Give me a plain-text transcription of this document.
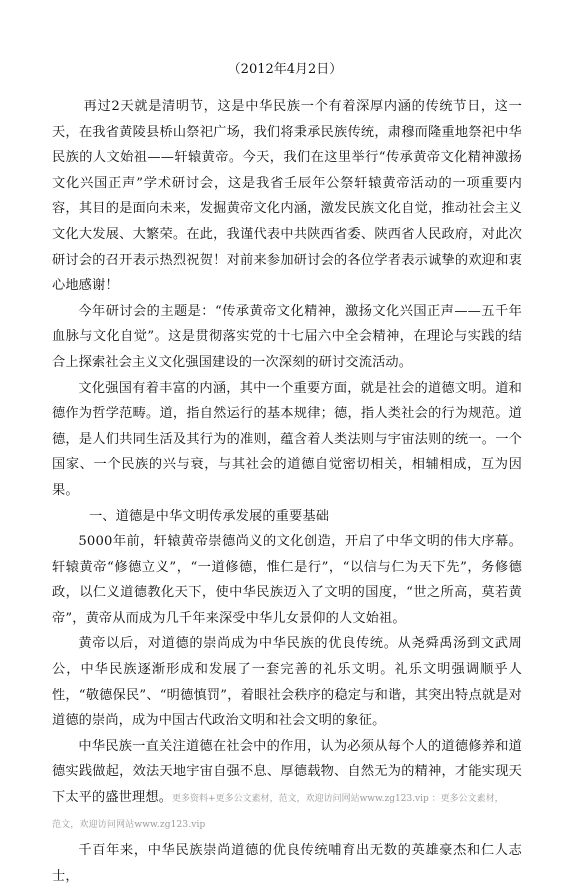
（2012年4月2日）

再过2天就是清明节，这是中华民族一个有着深厚内涵的传统节日，这一天，在我省黄陵县桥山祭祀广场，我们将秉承民族传统，肃穆而隆重地祭祀中华民族的人文始祖——轩辕黄帝。今天，我们在这里举行“传承黄帝文化精神激扬文化兴国正声”学术研讨会，这是我省壬辰年公祭轩辕黄帝活动的一项重要内容，其目的是面向未来，发掘黄帝文化内涵，激发民族文化自觉，推动社会主义文化大发展、大繁荣。在此，我谨代表中共陕西省委、陕西省人民政府，对此次研讨会的召开表示热烈祝贺！对前来参加研讨会的各位学者表示诚挚的欢迎和衷心地感谢！

今年研讨会的主题是：“传承黄帝文化精神，激扬文化兴国正声——五千年血脉与文化自觉”。这是贯彻落实党的十七届六中全会精神，在理论与实践的结合上探索社会主义文化强国建设的一次深刻的研讨交流活动。

文化强国有着丰富的内涵，其中一个重要方面，就是社会的道德文明。道和德作为哲学范畴。道，指自然运行的基本规律；德，指人类社会的行为规范。道德，是人们共同生活及其行为的准则，蕴含着人类法则与宇宙法则的统一。一个国家、一个民族的兴与衰，与其社会的道德自觉密切相关，相辅相成，互为因果。

一、道德是中华文明传承发展的重要基础

5000年前，轩辕黄帝崇德尚义的文化创造，开启了中华文明的伟大序幕。轩辕黄帝“修德立义”，“一道修德，惟仁是行”，“以信与仁为天下先”，务修德政，以仁义道德教化天下，使中华民族迈入了文明的国度，“世之所高，莫若黄帝”，黄帝从而成为几千年来深受中华儿女景仰的人文始祖。

黄帝以后，对道德的崇尚成为中华民族的优良传统。从尧舜禹汤到文武周公，中华民族逐渐形成和发展了一套完善的礼乐文明。礼乐文明强调顺乎人性，“敬德保民”、“明德慎罚”，着眼社会秩序的稳定与和谐，其突出特点就是对道德的崇尚，成为中国古代政治文明和社会文明的象征。

中华民族一直关注道德在社会中的作用，认为必须从每个人的道德修养和道德实践做起，效法天地宇宙自强不息、厚德载物、自然无为的精神，才能实现天下太平的盛世理想。更多资料+更多公文素材，范文，欢迎访问网站www.zg123.vip ：更多公文素材，

范文，欢迎访问网站www.zg123.vip

千百年来，中华民族崇尚道德的优良传统哺育出无数的英雄豪杰和仁人志士，
